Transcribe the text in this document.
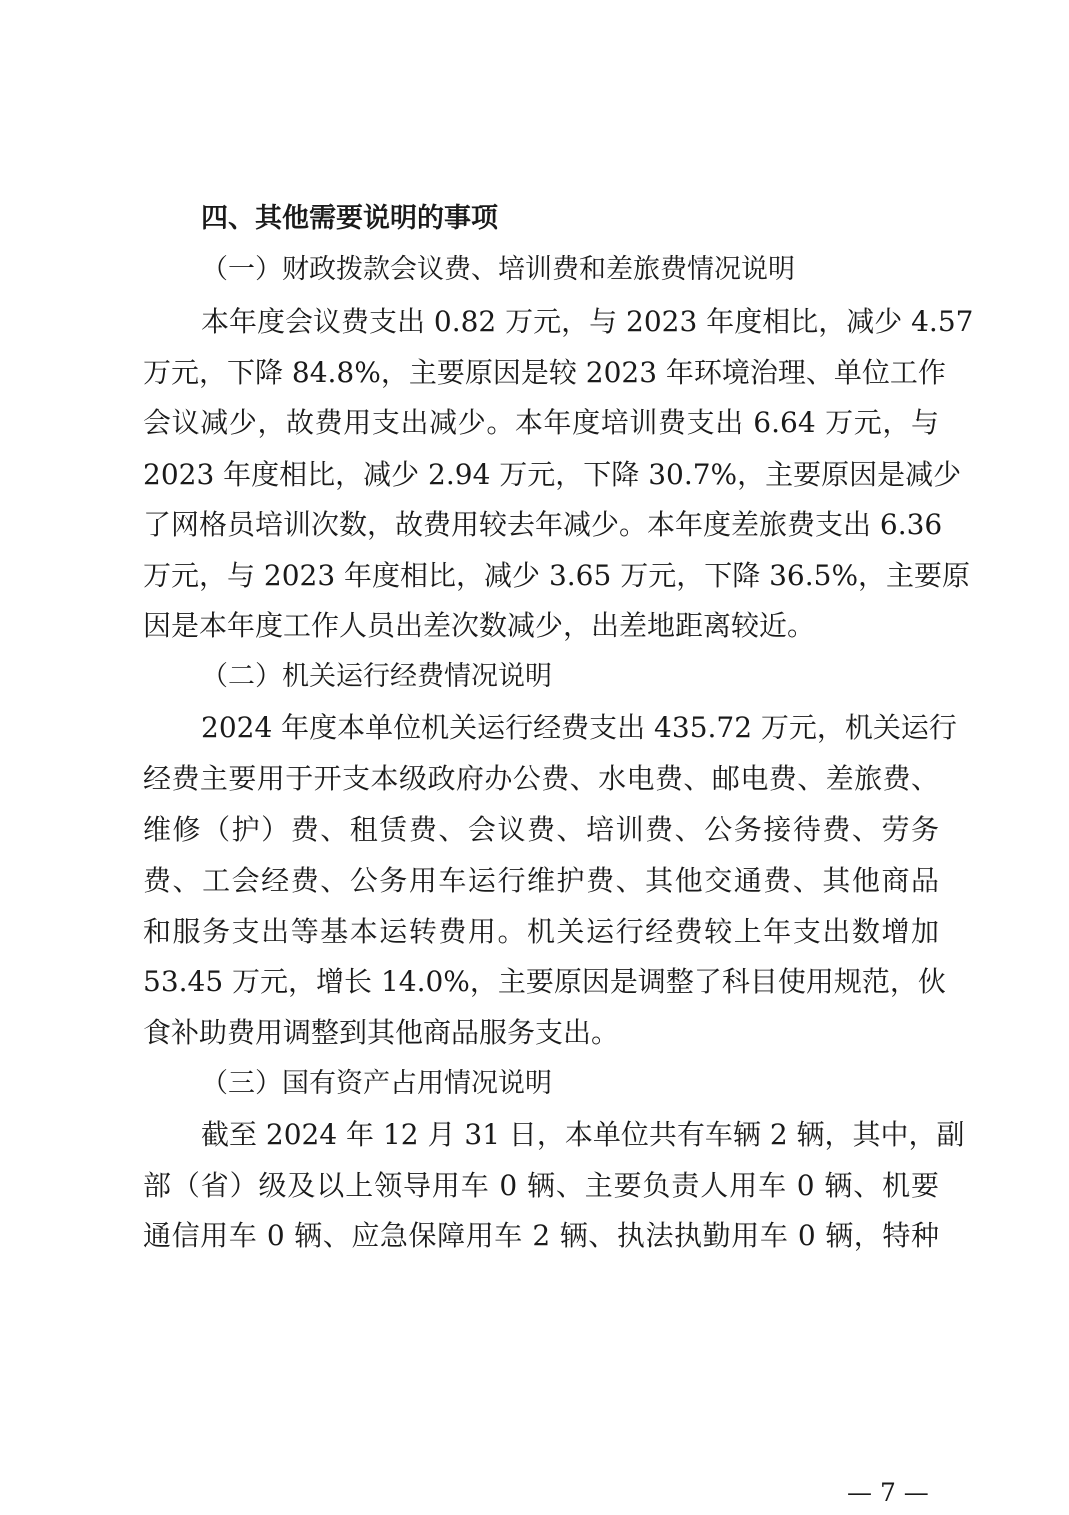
四、其他需要说明的事项
（一）财政拨款会议费、培训费和差旅费情况说明
本年度会议费支出 0.82 万元，与 2023 年度相比，减少 4.57
万元，下降 84.8%，主要原因是较 2023 年环境治理、单位工作
会议减少，故费用支出减少。本年度培训费支出 6.64 万元，与
2023 年度相比，减少 2.94 万元，下降 30.7%，主要原因是减少
了网格员培训次数，故费用较去年减少。本年度差旅费支出 6.36
万元，与 2023 年度相比，减少 3.65 万元，下降 36.5%，主要原
因是本年度工作人员出差次数减少，出差地距离较近。
（二）机关运行经费情况说明
2024 年度本单位机关运行经费支出 435.72 万元，机关运行
经费主要用于开支本级政府办公费、水电费、邮电费、差旅费、
维修（护）费、租赁费、会议费、培训费、公务接待费、劳务
费、工会经费、公务用车运行维护费、其他交通费、其他商品
和服务支出等基本运转费用。机关运行经费较上年支出数增加
53.45 万元，增长 14.0%，主要原因是调整了科目使用规范，伙
食补助费用调整到其他商品服务支出。
（三）国有资产占用情况说明
截至 2024 年 12 月 31 日，本单位共有车辆 2 辆，其中，副
部（省）级及以上领导用车 0 辆、主要负责人用车 0 辆、机要
通信用车 0 辆、应急保障用车 2 辆、执法执勤用车 0 辆，特种
— 7 —
